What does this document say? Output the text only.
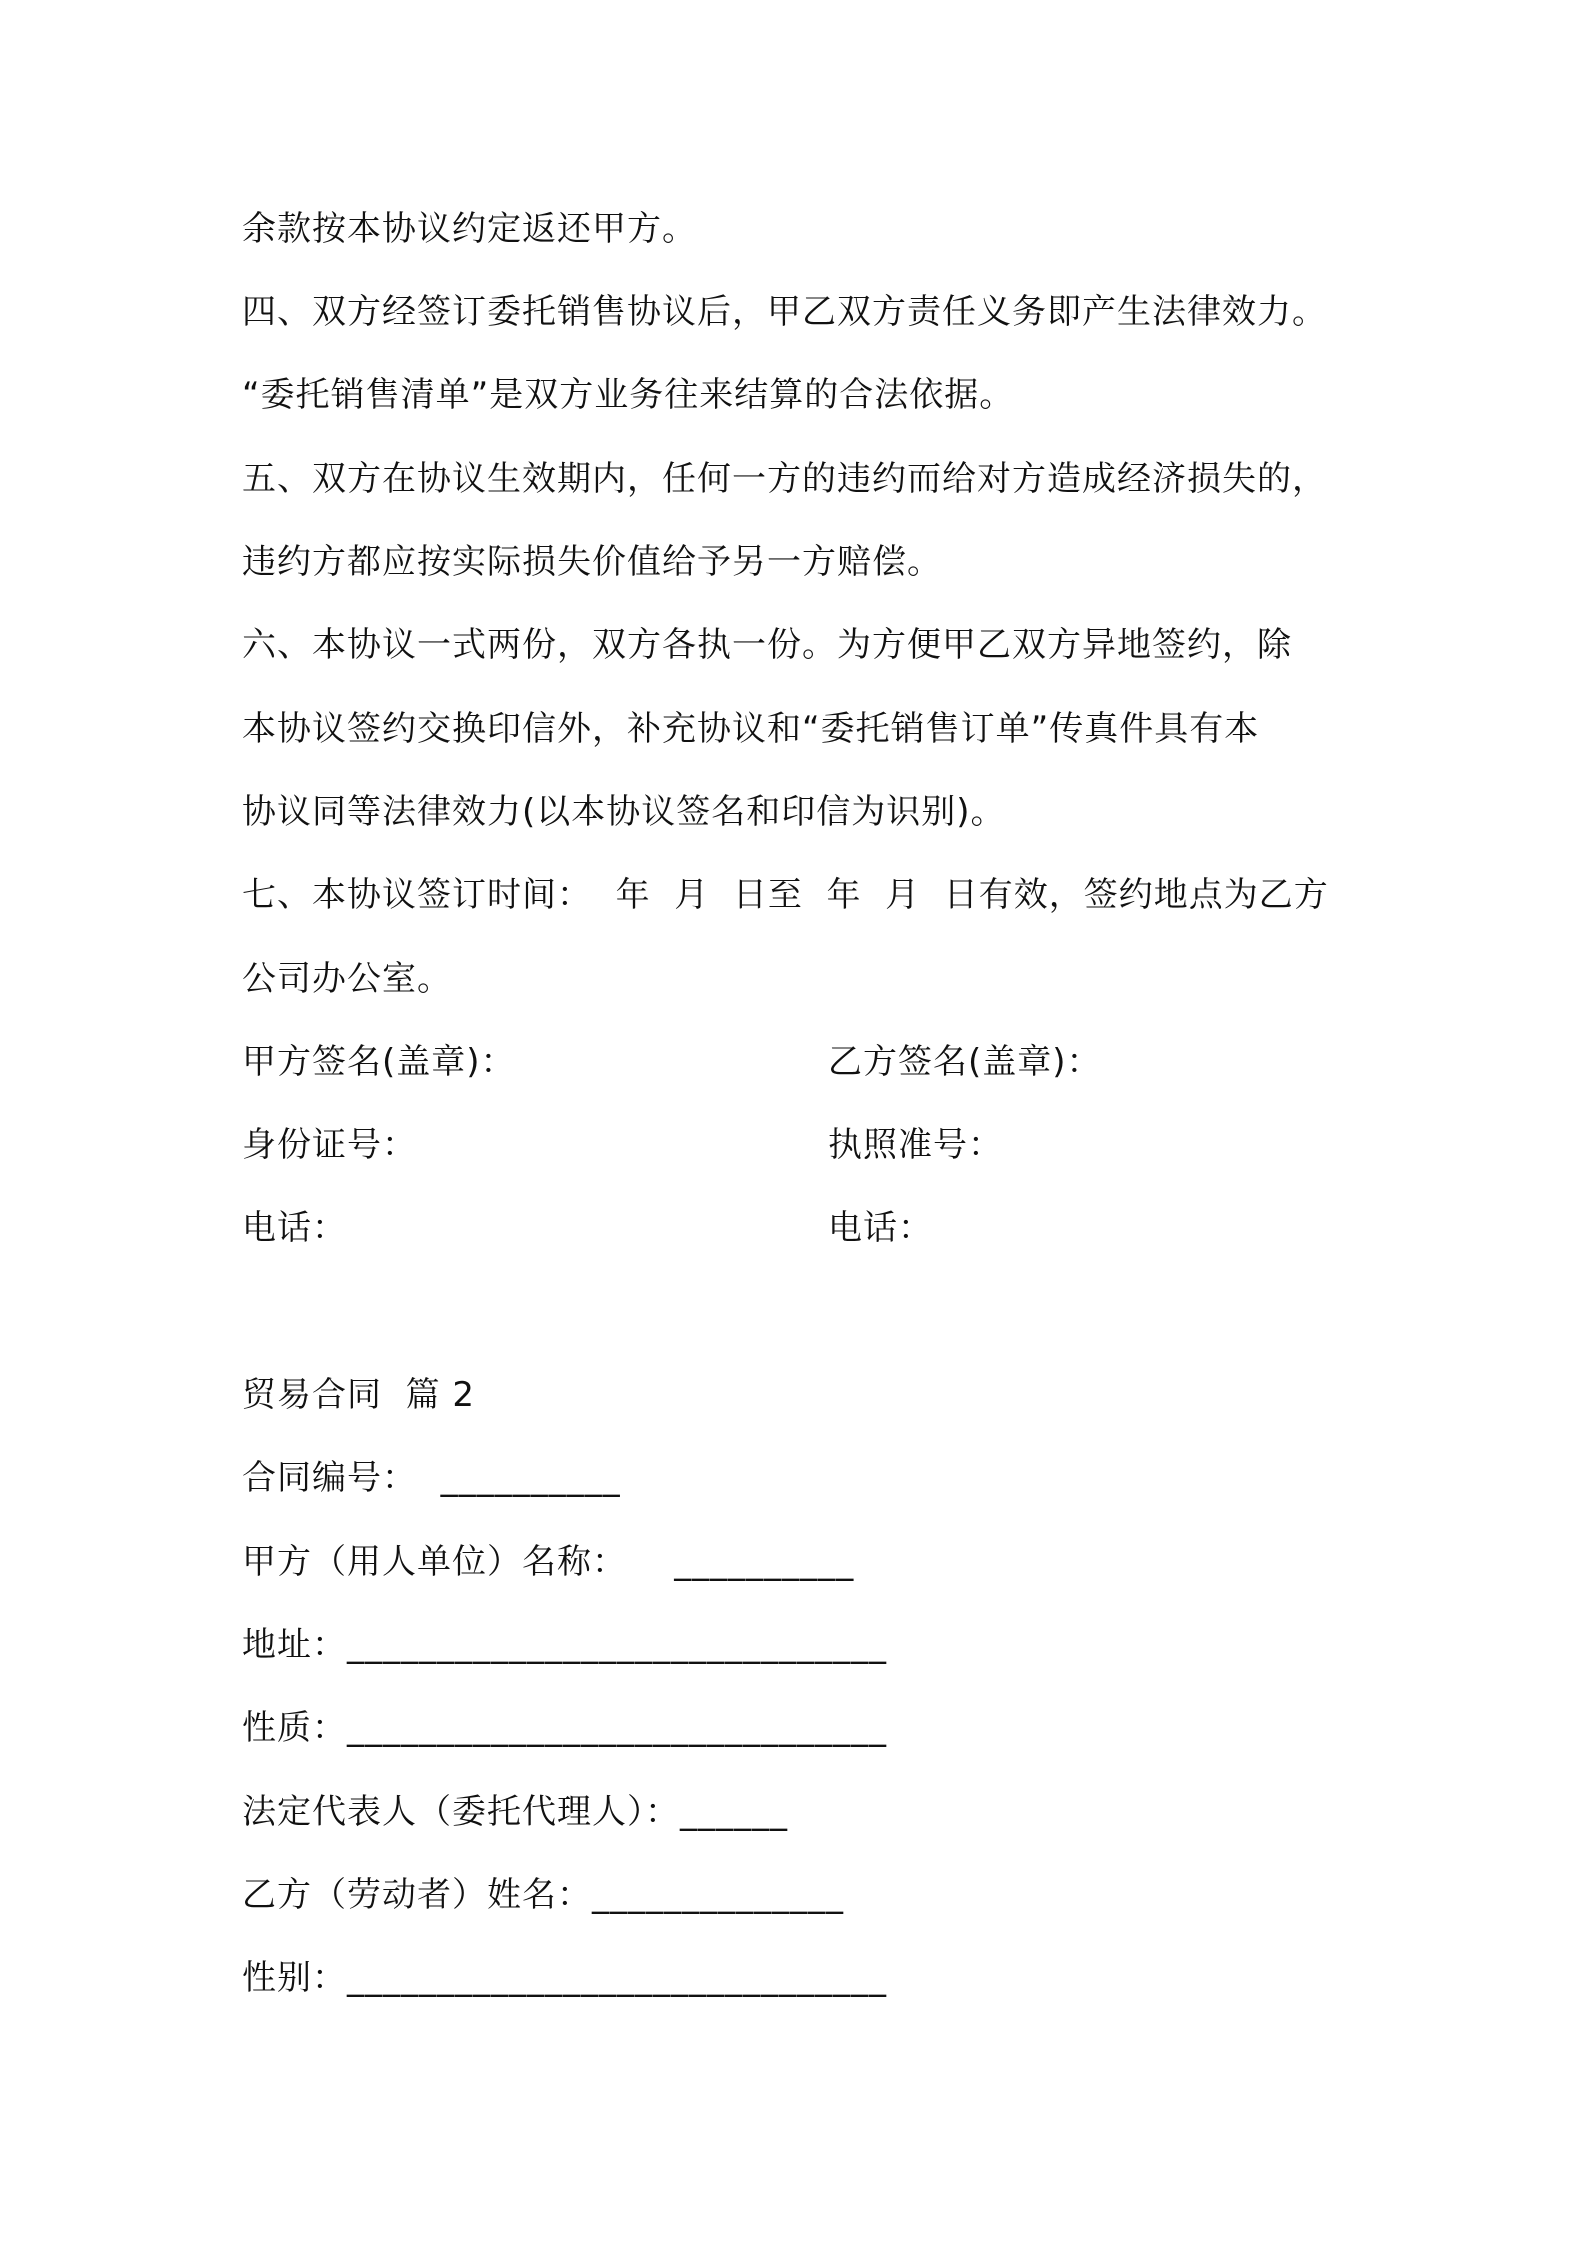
余款按本协议约定返还甲方。
四、双方经签订委托销售协议后，甲乙双方责任义务即产生法律效力。
“委托销售清单”是双方业务往来结算的合法依据。
五、双方在协议生效期内，任何一方的违约而给对方造成经济损失的，
违约方都应按实际损失价值给予另一方赔偿。
六、本协议一式两份，双方各执一份。为方便甲乙双方异地签约，除
本协议签约交换印信外，补充协议和“委托销售订单”传真件具有本
协议同等法律效力(以本协议签名和印信为识别)。
七、本协议签订时间：  年  月  日至  年  月  日有效，签约地点为乙方
公司办公室。
甲方签名(盖章)：	乙方签名(盖章)：
身份证号：	执照准号：
电话：	电话：
贸易合同  篇 2
合同编号：  __________
甲方（用人单位）名称：    __________
地址：______________________________
性质：______________________________
法定代表人（委托代理人）：______
乙方（劳动者）姓名：______________
性别：______________________________
